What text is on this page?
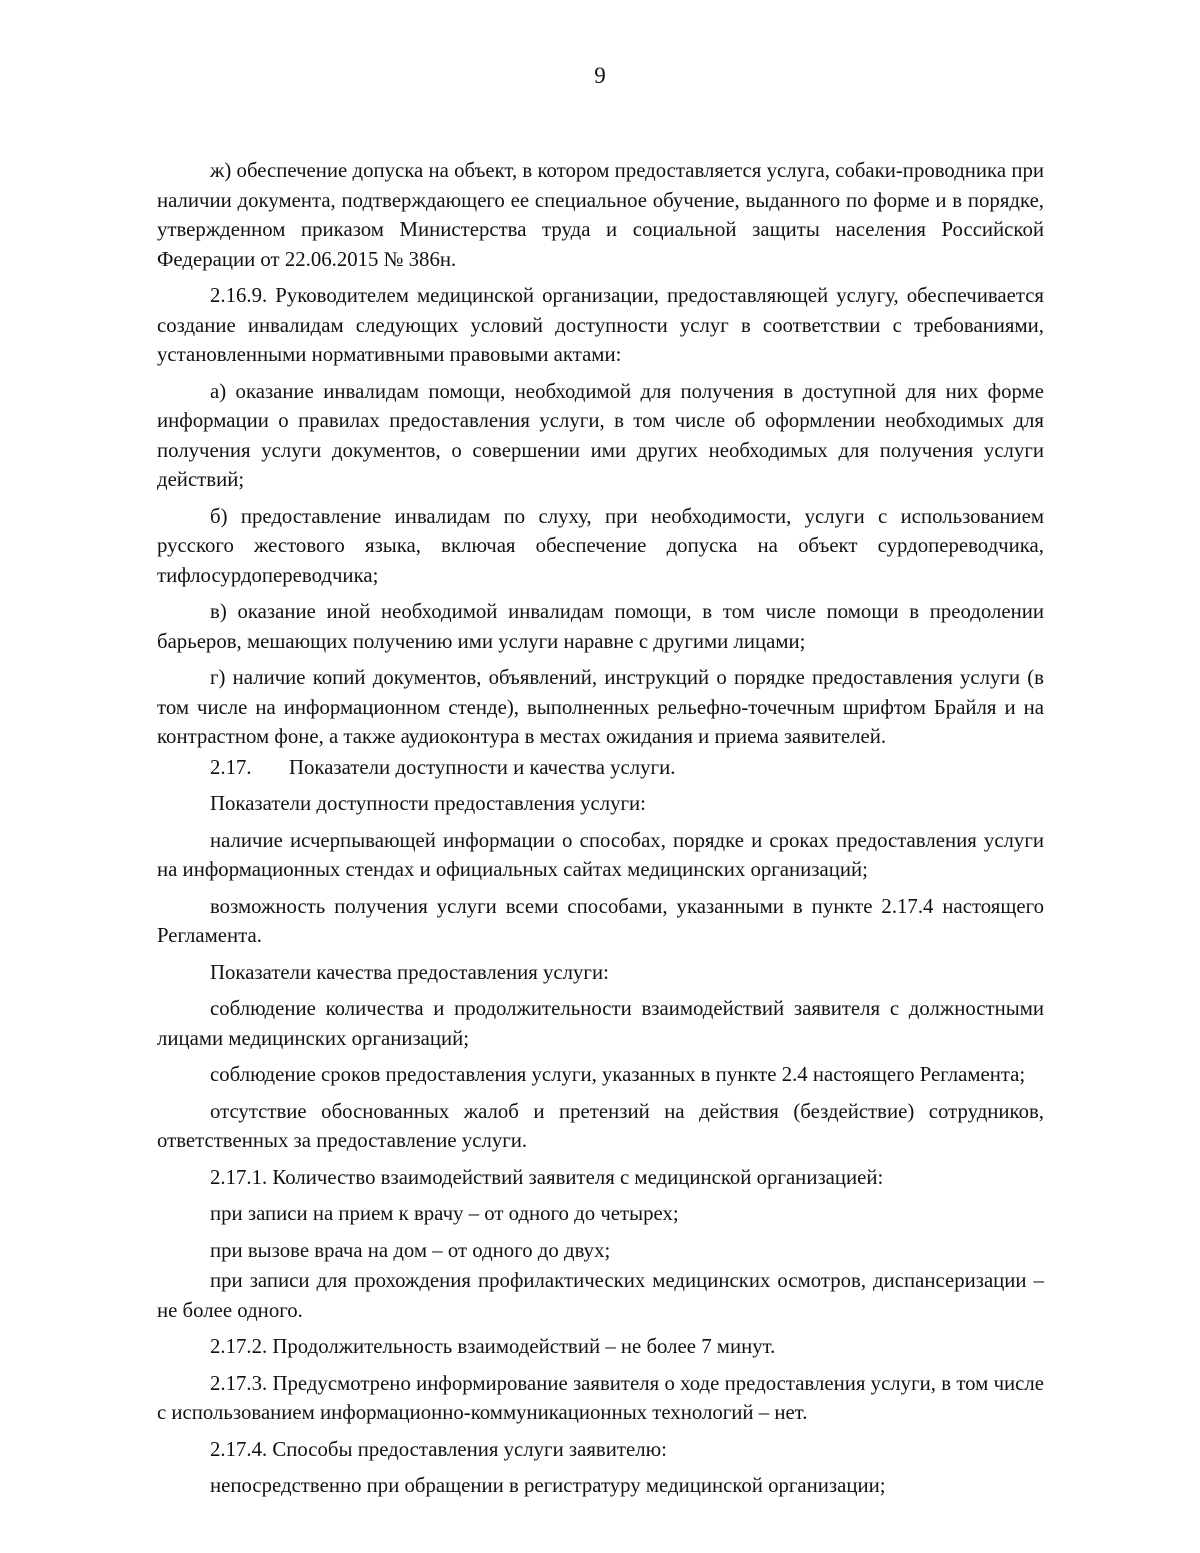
9

ж) обеспечение допуска на объект, в котором предоставляется услуга, собаки-проводника при наличии документа, подтверждающего ее специальное обучение, выданного по форме и в порядке, утвержденном приказом Министерства труда и социальной защиты населения Российской Федерации от 22.06.2015 № 386н.

2.16.9. Руководителем медицинской организации, предоставляющей услугу, обеспечивается создание инвалидам следующих условий доступности услуг в соответствии с требованиями, установленными нормативными правовыми актами:

а) оказание инвалидам помощи, необходимой для получения в доступной для них форме информации о правилах предоставления услуги, в том числе об оформлении необходимых для получения услуги документов, о совершении ими других необходимых для получения услуги действий;

б) предоставление инвалидам по слуху, при необходимости, услуги с использованием русского жестового языка, включая обеспечение допуска на объект сурдопереводчика, тифлосурдопереводчика;

в) оказание иной необходимой инвалидам помощи, в том числе помощи в преодолении барьеров, мешающих получению ими услуги наравне с другими лицами;

г) наличие копий документов, объявлений, инструкций о порядке предоставления услуги (в том числе на информационном стенде), выполненных рельефно-точечным шрифтом Брайля и на контрастном фоне, а также аудиоконтура в местах ожидания и приема заявителей.

2.17. Показатели доступности и качества услуги.

Показатели доступности предоставления услуги:

наличие исчерпывающей информации о способах, порядке и сроках предоставления услуги на информационных стендах и официальных сайтах медицинских организаций;

возможность получения услуги всеми способами, указанными в пункте 2.17.4 настоящего Регламента.

Показатели качества предоставления услуги:

соблюдение количества и продолжительности взаимодействий заявителя с должностными лицами медицинских организаций;

соблюдение сроков предоставления услуги, указанных в пункте 2.4 настоящего Регламента;

отсутствие обоснованных жалоб и претензий на действия (бездействие) сотрудников, ответственных за предоставление услуги.

2.17.1. Количество взаимодействий заявителя с медицинской организацией:

при записи на прием к врачу – от одного до четырех;

при вызове врача на дом – от одного до двух;

при записи для прохождения профилактических медицинских осмотров, диспансеризации – не более одного.

2.17.2. Продолжительность взаимодействий – не более 7 минут.

2.17.3. Предусмотрено информирование заявителя о ходе предоставления услуги, в том числе с использованием информационно-коммуникационных технологий – нет.

2.17.4. Способы предоставления услуги заявителю:

непосредственно при обращении в регистратуру медицинской организации;
